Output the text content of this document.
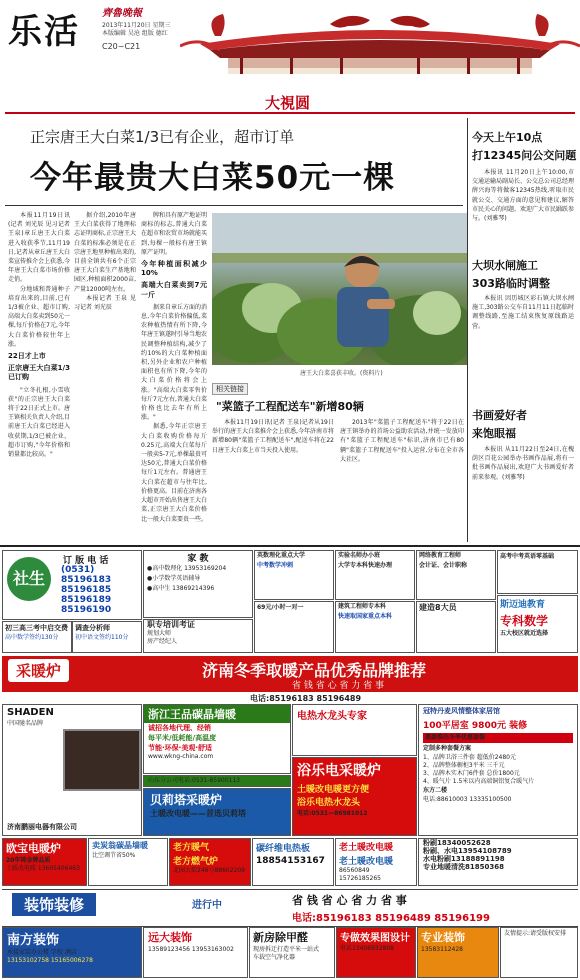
乐活 齊魯晚報
2013年11月20日 星期三
本版编辑 吴沧 组版 德红
C20~C21
大視圆
正宗唐王大白菜1/3已有企业，超市订单
今年最贵大白菜50元一棵

本报11月19日讯(记者 刘光辰 见习记者 王泉)章丘唐王大白菜进入收获季节,11月19日,记者从章丘唐王大白菜宣传推介会上获悉,今年唐王大白菜市场价格走俏。

分地域和普通种子培育出来的,目前,已有1/3被企业、超市订购,高端大白菜卖到50元一棵,每斤价格在7元,今年大白菜价格较往年上涨。

22日才上市
正宗唐王大白菜1/3已订购

"立冬扎根,小雪收获"的正宗唐王大白菜将于22日正式上市。唐王镇相关负责人介绍,目前唐王大白菜已经进入收获期,1/3已被企业、超市订购,"今年价格和销量都比较高。"

据介绍,2010年唐王大白菜获得了地理标志证明商标,正宗唐王大白菜的标准必须是在正宗唐王地里种植出来的,目前全镇共有6个正宗唐王大白菜生产基地和园区,种植面积2000亩,产量12000吨左右。

本报记者 王泉 见习记者 刘光辰

牌和具有原产地证明商标的标志,普通大白菜在超市和农贸市场就能买到,每棵一般标有唐王镇原产证明。

今年种植面积减少10%
高端大白菜卖到7元一斤

据来自章丘方面的消息,今年白菜价格偏低,菜农种植热情有所下降,今年唐王镇遂时引导当地农民调整种植结构,减少了约10%的大白菜种植面积,另外企业和农户种植面积也有所下降,今年的大白菜价格将会上涨。"高端大白菜零售价每斤7元左右,普通大白菜价格也比去年有所上涨。"

据悉,今年正宗唐王大白菜收购价格每斤0.25元,高端大白菜每斤一般卖5-7元,单棵最贵可达50元,普通大白菜价格每斤1元左右。普通唐王大白菜在超市与往年比,价格更高。目前在济南各大超市开始出售唐王大白菜,正宗唐王大白菜价格比一般大白菜要贵一些。

唐王大白菜喜获丰收。(资料片)
相关链接
"菜篮子工程配送车"新增80辆

本报11月19日讯(记者 王泉)记者从19日举行的唐王大白菜推介会上获悉,今年济南市将新增80辆"菜篮子工程配送车",配送车将在22日唐王大白菜上市当天投入使用。

2013年"菜篮子工程配送车"将于22日在唐王镇举办的首场公益助农活动,并统一发放印有"菜篮子工程配送车"标识,济南市已有80辆"菜篮子工程配送车"投入运营,分布在全市各大社区。

今天上午10点
打12345问公交问题

本报讯 11月20日上午10:00,市交通运输局副局长、公交总公司总经理薛兴海等将做客12345热线,听取市民就公交、交通方面的意见和建议,解答市民关心的问题。欢迎广大市民踊跃参与。(刘雅琴)

大坝水闸施工
303路临时调整

本报讯 因历城区彩石镇大坝水闸施工,303路公交车自11月11日起临时调整线路,至施工结束恢复原线路运营。

书画爱好者
来饱眼福

本报讯 从11月22日至24日,在槐荫区百花公园举办书画作品展,将有一批书画作品展出,欢迎广大书画爱好者前来参观。(刘雅琴)

社生
订 版 电 话
(0531)
85196183
85196185
85196189
85196190
初三高三考中启交费
高中数学签约130分
调查分析师
初中语文签约110分
家 教
●高中数理化 13953169204
●小学数学英语辅导
●高中生 13869214396
职专培训考证
规划大师
房产经纪人
英数理化重点大学
中考数学冲刺
69元/小时一对一
实验名师办小班
大学专本科快速办理
建筑工程师专本科
快速取国家重点本科
网络教育工程师
会计证、会计职称
建造8大员
高考中考英语零基础
斯迈迪教育
专科数学
五大校区就近选择
采暖炉	济南冬季取暖产品优秀品牌推荐
省 钱 省 心 省 力 省 事
电话:85196183 85196489
SHADEN
中国驰名品牌
济南鹏丽电器有限公司
浙江王品碳晶墙暖
诚招各地代理、经销
每平米/低耗能/高温度
节能·环保·美观·舒适
www.wkng-china.com
山东分公司电话:0531-85900113
贝莉塔采暖炉
土暖改电暖——首选贝莉塔
电热水龙头专家
浴乐电采暖炉
土暖改电暖更方便
浴乐电热水龙头
电话:0531—86981012
冠特丹麦风情整体家居馆
100平居室 9800元 装修
惠豪推出冬季优惠套餐
定制多种套餐方案
1、品牌卫浴三件套 超低价2480元
2、品牌整体橱柜3平米 三千元
3、品牌木实木门6件套 总价1800元
4、暖气片 1.5米以内高端铜铝复合暖气片
东方二楼
电话:88610003 13335100500
欧宝电暖炉
20年铸金牌品质
土暖改电暖 13605406463
卖炭翁碳晶墙暖
比空调节省50%
老方暖气
老方燃气炉
北园大街246号88602209
碳纤维电热板
18854153167
老土暖改电暖
老土暖改电暖
86560849 15726185265
粉刷18340052628
粉刷、水电13954108789
水电粉刷13188891198
专业地暖清洗81850368
装饰装修	进行中	省 钱 省 心 省 力 省 事
电话:85196183 85196489 85196199
南方装饰
承接家装办公楼 学校 酒店
13153102758 15165006278
远大装饰
13589123456 13953163002
新房除甲醛
现房拆迁打造平米一站式
车载空气净化器
专做效果图设计
电话13406932808
专业装饰
13583112428
友情提示:请受版权安排
